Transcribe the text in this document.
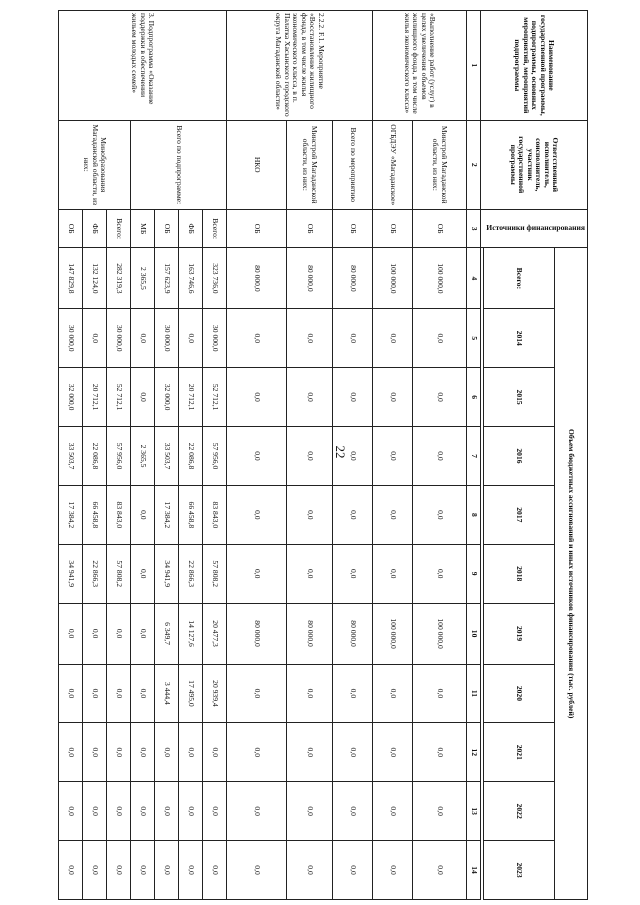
22
Наименование государственной программы, подпрограммы, основных мероприятий, мероприятий подпрограммы	Ответственный исполнитель, соисполнитель, участник государственной программы	Источники финансирования	Объем бюджетных ассигнований и иных источников финансирования (тыс. рублей)										
			Всего:	2014	2015	2016	2017	2018	2019	2020	2021	2022	2023

1	2	3	4	5	6	7	8	9	10	11	12	13	14
«Выполнение работ (услуг) в целях увеличения объемов жилищного фонда, в том числе жилья экономического класса»	Минстрой Магаданской области, из них:	ОБ	100 000,0	0,0	0,0	0,0	0,0	0,0	100 000,0	0,0	0,0	0,0	0,0
	ОГБДЭУ «Магаданское»	ОБ	100 000,0	0,0	0,0	0,0	0,0	0,0	100 000,0	0,0	0,0	0,0	0,0
2.2.2. F.1. Мероприятие «Восстановление жилищного фонда, в том числе жилья экономического класса, в п. Палатка Хасынского городского округа Магаданской области»	Всего по мероприятию	ОБ	80 000,0	0,0	0,0	0,0	0,0	0,0	80 000,0	0,0	0,0	0,0	0,0
	Минстрой Магаданской области, из них:	ОБ	80 000,0	0,0	0,0	0,0	0,0	0,0	80 000,0	0,0	0,0	0,0	0,0
	НКО	ОБ	80 000,0	0,0	0,0	0,0	0,0	0,0	80 000,0	0,0	0,0	0,0	0,0
3. Подпрограмма «Оказание поддержки в обеспечении жильем молодых семей»	Всего по подпрограмме:	Всего:	323 736,0	30 000,0	52 712,1	57 956,0	83 843,0	57 808,2	20 477,3	20 939,4	0,0	0,0	0,0
		ФБ	163 746,6	0,0	20 712,1	22 086,8	66 458,8	22 866,3	14 127,6	17 495,0	0,0	0,0	0,0
		ОБ	157 623,9	30 000,0	32 000,0	33 503,7	17 384,2	34 941,9	6 349,7	3 444,4	0,0	0,0	0,0
		МБ	2 365,5	0,0	0,0	2 365,5	0,0	0,0	0,0	0,0	0,0	0,0	0,0
	Минобразования Магаданской области, из них:	Всего:	282 319,3	30 000,0	52 712,1	57 956,0	83 843,0	57 808,2	0,0	0,0	0,0	0,0	0,0
		ФБ	132 124,0	0,0	20 712,1	22 086,8	66 458,8	22 866,3	0,0	0,0	0,0	0,0	0,0
		ОБ	147 829,8	30 000,0	32 000,0	33 503,7	17 384,2	34 941,9	0,0	0,0	0,0	0,0	0,0
